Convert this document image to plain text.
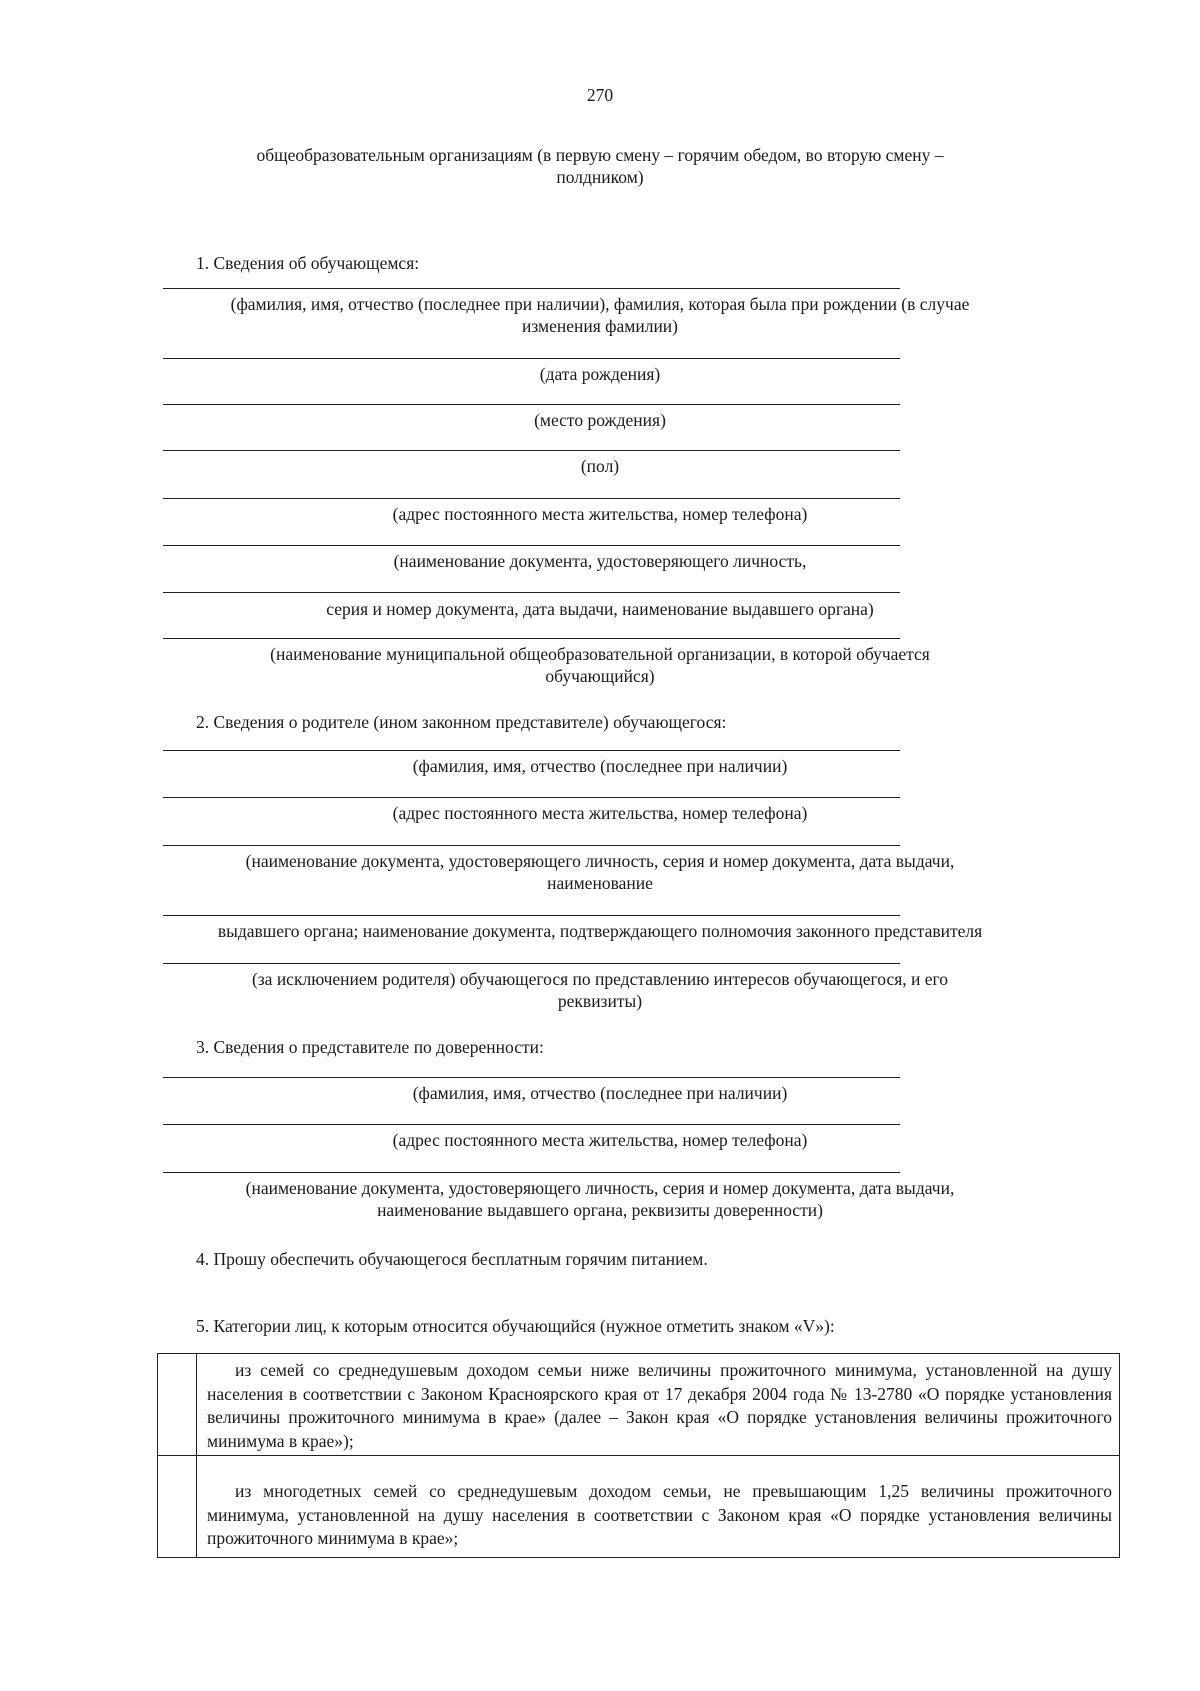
270
общеобразовательным организациям (в первую смену – горячим обедом, во вторую смену –
полдником)
1. Сведения об обучающемся:
(фамилия, имя, отчество (последнее при наличии), фамилия, которая была при рождении (в случае
изменения фамилии)
(дата рождения)
(место рождения)
(пол)
(адрес постоянного места жительства, номер телефона)
(наименование документа, удостоверяющего личность,
серия и номер документа, дата выдачи, наименование выдавшего органа)
(наименование муниципальной общеобразовательной организации, в которой обучается
обучающийся)
2. Сведения о родителе (ином законном представителе) обучающегося:
(фамилия, имя, отчество (последнее при наличии)
(адрес постоянного места жительства, номер телефона)
(наименование документа, удостоверяющего личность, серия и номер документа, дата выдачи,
наименование
выдавшего органа; наименование документа, подтверждающего полномочия законного представителя
(за исключением родителя) обучающегося по представлению интересов обучающегося, и его
реквизиты)
3. Сведения о представителе по доверенности:
(фамилия, имя, отчество (последнее при наличии)
(адрес постоянного места жительства, номер телефона)
(наименование документа, удостоверяющего личность, серия и номер документа, дата выдачи,
наименование выдавшего органа, реквизиты доверенности)
4. Прошу обеспечить обучающегося бесплатным горячим питанием.
5. Категории лиц, к которым относится обучающийся (нужное отметить знаком «V»):

из семей со среднедушевым доходом семьи ниже величины прожиточного минимума, установленной на душу населения в соответствии с Законом Красноярского края от 17 декабря 2004 года № 13-2780 «О порядке установления величины прожиточного минимума в крае» (далее – Закон края «О порядке установления величины прожиточного минимума в крае»);

из многодетных семей со среднедушевым доходом семьи, не превышающим 1,25 величины прожиточного минимума, установленной на душу населения в соответствии с Законом края «О порядке установления величины прожиточного минимума в крае»;
